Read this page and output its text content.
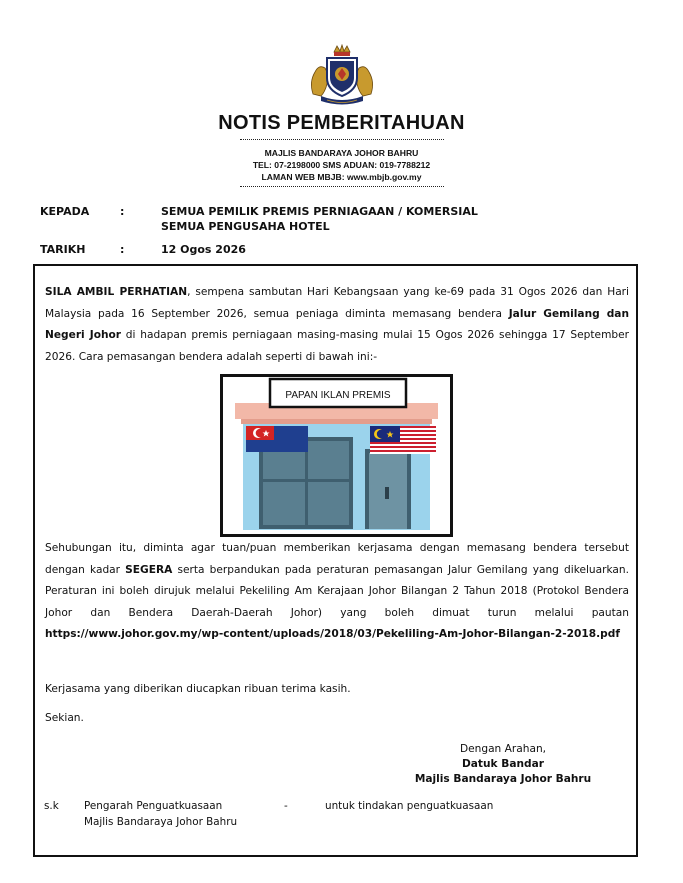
NOTIS PEMBERITAHUAN
MAJLIS BANDARAYA JOHOR BAHRU
TEL: 07-2198000 SMS ADUAN: 019-7788212
LAMAN WEB MBJB: www.mbjb.gov.my
KEPADA	:	SEMUA PEMILIK PREMIS PERNIAGAAN / KOMERSIAL
SEMUA PENGUSAHA HOTEL
TARIKH	:	12 Ogos 2026
SILA AMBIL PERHATIAN, sempena sambutan Hari Kebangsaan yang ke-69 pada 31 Ogos 2026 dan Hari Malaysia pada 16 September 2026, semua peniaga diminta memasang bendera Jalur Gemilang dan Negeri Johor di hadapan premis perniagaan masing-masing mulai 15 Ogos 2026 sehingga 17 September 2026. Cara pemasangan bendera adalah seperti di bawah ini:-
PAPAN IKLAN PREMIS
Sehubungan itu, diminta agar tuan/puan memberikan kerjasama dengan memasang bendera tersebut dengan kadar SEGERA serta berpandukan pada peraturan pemasangan Jalur Gemilang yang dikeluarkan. Peraturan ini boleh dirujuk melalui Pekeliling Am Kerajaan Johor Bilangan 2 Tahun 2018 (Protokol Bendera Johor dan Bendera Daerah-Daerah Johor) yang boleh dimuat turun melalui pautan https://www.johor.gov.my/wp-content/uploads/2018/03/Pekeliling-Am-Johor-Bilangan-2-2018.pdf
Kerjasama yang diberikan diucapkan ribuan terima kasih.
Sekian.
Dengan Arahan,
Datuk Bandar
Majlis Bandaraya Johor Bahru
s.k Pengarah Penguatkuasaan	-	untuk tindakan penguatkuasaan
Majlis Bandaraya Johor Bahru
